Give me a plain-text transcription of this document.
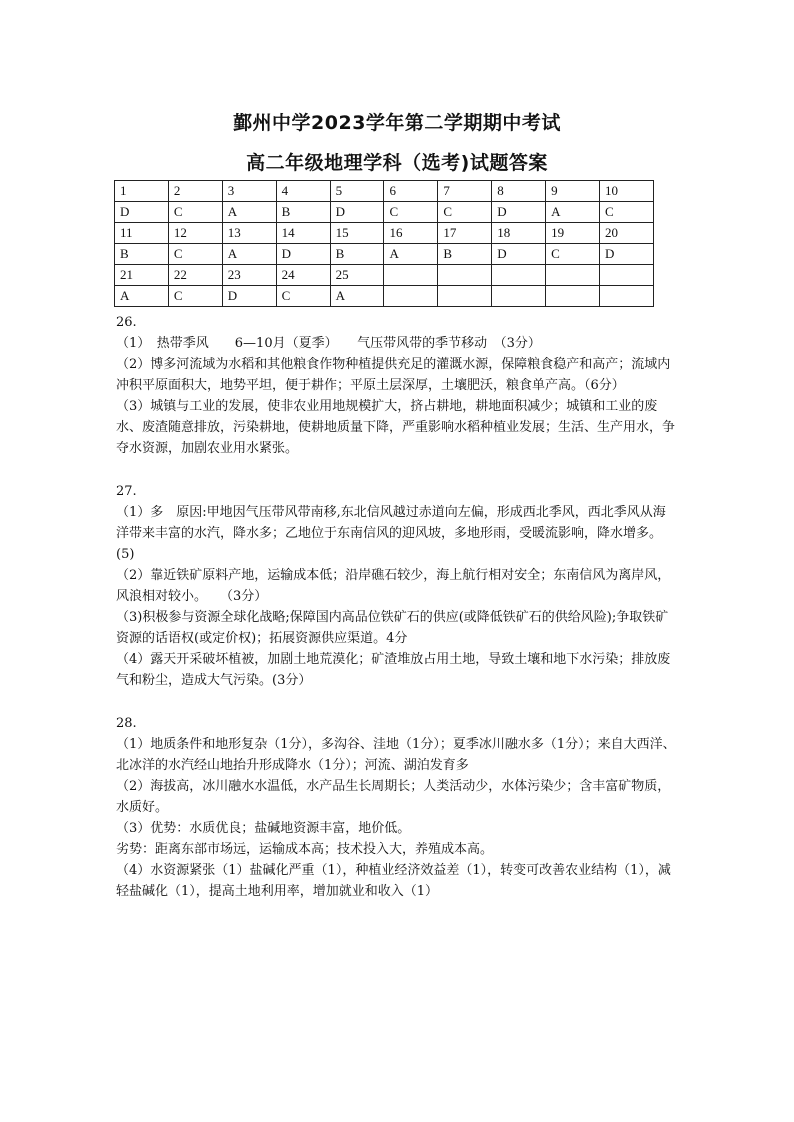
鄞州中学2023学年第二学期期中考试
高二年级地理学科（选考)试题答案
1	2	3	4	5	6	7	8	9	10
D	C	A	B	D	C	C	D	A	C
11	12	13	14	15	16	17	18	19	20
B	C	A	D	B	A	B	D	C	D
21	22	23	24	25					
A	C	D	C	A					

26.

（1）　热带季风　　6—10月（夏季）　　气压带风带的季节移动　（3分）

（2）博多河流域为水稻和其他粮食作物种植提供充足的灌溉水源，保障粮食稳产和高产；流域内冲积平原面积大，地势平坦，便于耕作；平原土层深厚，土壤肥沃，粮食单产高。（6分）

（3）城镇与工业的发展，使非农业用地规模扩大，挤占耕地，耕地面积减少；城镇和工业的废水、废渣随意排放，污染耕地，使耕地质量下降，严重影响水稻种植业发展；生活、生产用水，争夺水资源，加剧农业用水紧张。

27.

（1）多　原因:甲地因气压带风带南移,东北信风越过赤道向左偏，形成西北季风，西北季风从海洋带来丰富的水汽，降水多；乙地位于东南信风的迎风坡，多地形雨，受暖流影响，降水增多。(5)

（2）靠近铁矿原料产地，运输成本低；沿岸礁石较少，海上航行相对安全；东南信风为离岸风，风浪相对较小。　　（3分）

（3)积极参与资源全球化战略;保障国内高品位铁矿石的供应(或降低铁矿石的供给风险);争取铁矿资源的话语权(或定价权)；拓展资源供应渠道。4分

（4）露天开采破坏植被，加剧土地荒漠化；矿渣堆放占用土地，导致土壤和地下水污染；排放废气和粉尘，造成大气污染。(3分）

28.

（1）地质条件和地形复杂（1分），多沟谷、洼地（1分）；夏季冰川融水多（1分）；来自大西洋、北冰洋的水汽经山地抬升形成降水（1分）；河流、湖泊发育多

（2）海拔高，冰川融水水温低，水产品生长周期长；人类活动少，水体污染少；含丰富矿物质，水质好。

（3）优势：水质优良；盐碱地资源丰富，地价低。

劣势：距离东部市场远，运输成本高；技术投入大，养殖成本高。

（4）水资源紧张（1）盐碱化严重（1），种植业经济效益差（1），转变可改善农业结构（1），减轻盐碱化（1），提高土地利用率，增加就业和收入（1）
